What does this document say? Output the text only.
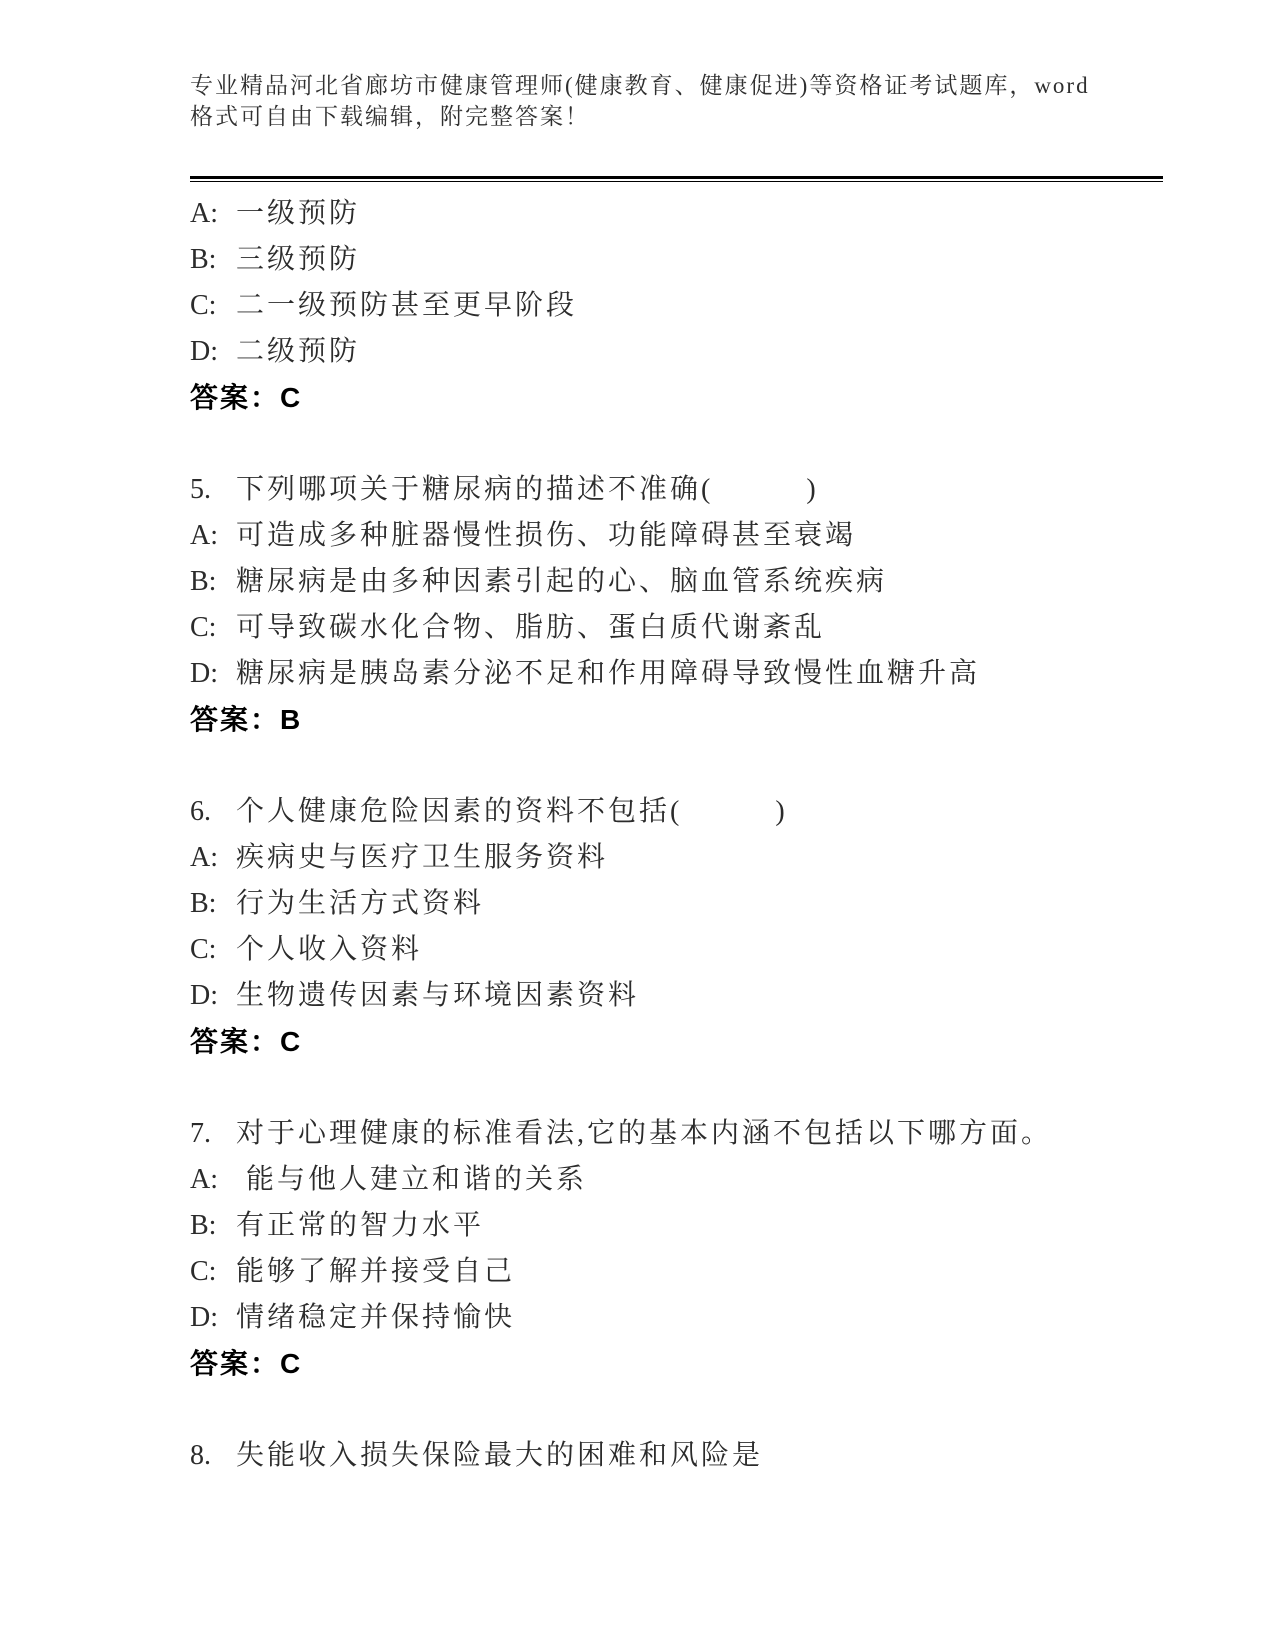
专业精品河北省廊坊市健康管理师(健康教育、健康促进)等资格证考试题库，word
格式可自由下载编辑，附完整答案！
A: 一级预防
B: 三级预防
C: 二一级预防甚至更早阶段
D: 二级预防
答案：C
5. 下列哪项关于糖尿病的描述不准确(　　　)
A: 可造成多种脏器慢性损伤、功能障碍甚至衰竭
B: 糖尿病是由多种因素引起的心、脑血管系统疾病
C: 可导致碳水化合物、脂肪、蛋白质代谢紊乱
D: 糖尿病是胰岛素分泌不足和作用障碍导致慢性血糖升高
答案：B
6. 个人健康危险因素的资料不包括(　　　)
A: 疾病史与医疗卫生服务资料
B: 行为生活方式资料
C: 个人收入资料
D: 生物遗传因素与环境因素资料
答案：C
7. 对于心理健康的标准看法,它的基本内涵不包括以下哪方面。
A: 能与他人建立和谐的关系
B: 有正常的智力水平
C: 能够了解并接受自己
D: 情绪稳定并保持愉快
答案：C
8. 失能收入损失保险最大的困难和风险是
